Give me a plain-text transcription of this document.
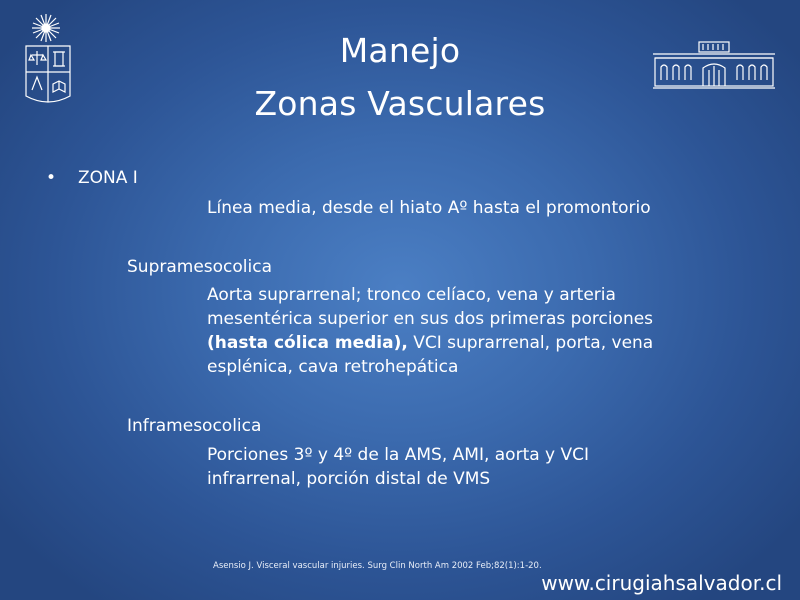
Manejo
Zonas Vasculares
• ZONA I
Línea media, desde el hiato Aº hasta el promontorio
Supramesocolica
Aorta suprarrenal; tronco celíaco, vena y arteria
mesentérica superior en sus dos primeras porciones
(hasta cólica media), VCI suprarrenal, porta, vena
esplénica, cava retrohepática
Inframesocolica
Porciones 3º y 4º de la AMS, AMI, aorta y VCI
infrarrenal, porción distal de VMS
Asensio J. Visceral vascular injuries. Surg Clin North Am 2002 Feb;82(1):1-20.
www.cirugiahsalvador.cl
